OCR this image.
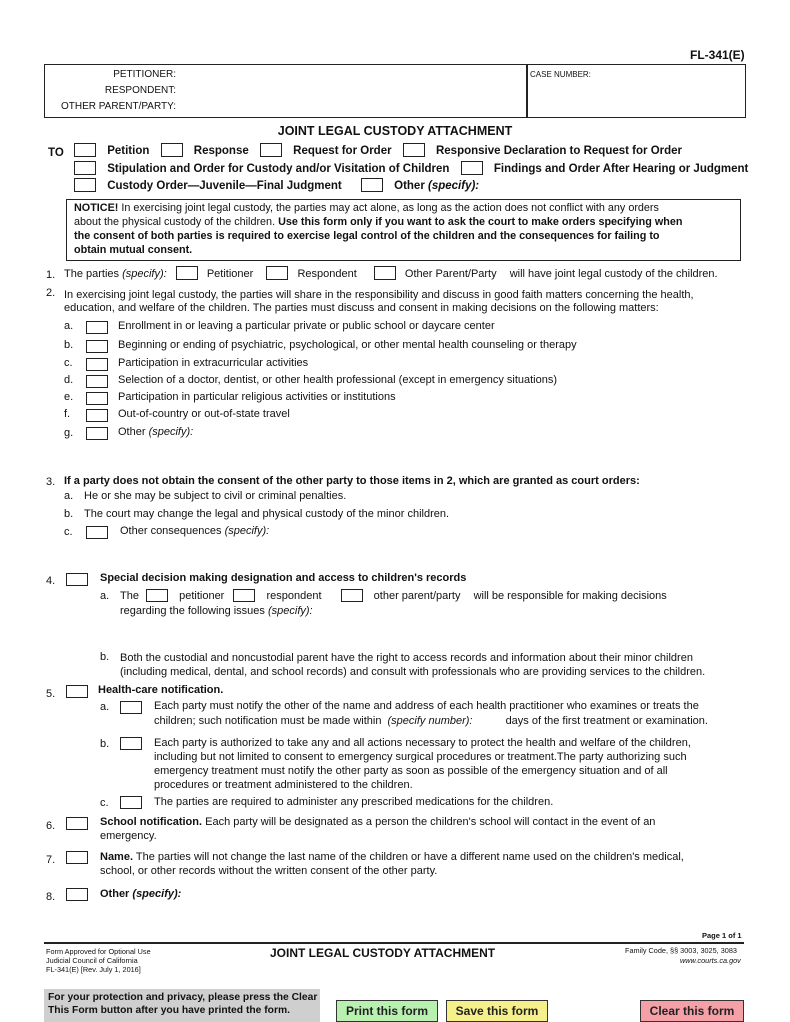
FL-341(E)
PETITIONER:
RESPONDENT:
OTHER PARENT/PARTY:
CASE NUMBER:
JOINT LEGAL CUSTODY ATTACHMENT
TO	Petition	Response	Request for Order	Responsive Declaration to Request for Order
Stipulation and Order for Custody and/or Visitation of Children	Findings and Order After Hearing or Judgment
Custody Order—Juvenile—Final Judgment	Other (specify):
NOTICE! In exercising joint legal custody, the parties may act alone, as long as the action does not conflict with any orders
about the physical custody of the children. Use this form only if you want to ask the court to make orders specifying when
the consent of both parties is required to exercise legal control of the children and the consequences for failing to
obtain mutual consent.
1. The parties (specify):	Petitioner	Respondent	Other Parent/Party will have joint legal custody of the children.
2. In exercising joint legal custody, the parties will share in the responsibility and discuss in good faith matters concerning the health,
education, and welfare of the children. The parties must discuss and consent in making decisions on the following matters:
a.	Enrollment in or leaving a particular private or public school or daycare center
b.	Beginning or ending of psychiatric, psychological, or other mental health counseling or therapy
c.	Participation in extracurricular activities
d.	Selection of a doctor, dentist, or other health professional (except in emergency situations)
e.	Participation in particular religious activities or institutions
f.	Out-of-country or out-of-state travel
g.	Other (specify):
3. If a party does not obtain the consent of the other party to those items in 2, which are granted as court orders:
a. He or she may be subject to civil or criminal penalties.
b. The court may change the legal and physical custody of the minor children.
c.	Other consequences (specify):
4.	Special decision making designation and access to children's records
a. The	petitioner	respondent	other parent/party will be responsible for making decisions
regarding the following issues (specify):
b. Both the custodial and noncustodial parent have the right to access records and information about their minor children
(including medical, dental, and school records) and consult with professionals who are providing services to the children.
5.	Health-care notification.
a.	Each party must notify the other of the name and address of each health practitioner who examines or treats the
children; such notification must be made within (specify number):	days of the first treatment or examination.
b.	Each party is authorized to take any and all actions necessary to protect the health and welfare of the children,
including but not limited to consent to emergency surgical procedures or treatment.The party authorizing such
emergency treatment must notify the other party as soon as possible of the emergency situation and of all
procedures or treatment administered to the children.
c.	The parties are required to administer any prescribed medications for the children.
6.	School notification. Each party will be designated as a person the children's school will contact in the event of an
emergency.
7.	Name. The parties will not change the last name of the children or have a different name used on the children's medical,
school, or other records without the written consent of the other party.
8.	Other (specify):
Page 1 of 1
Form Approved for Optional Use
Judicial Council of California
FL-341(E) [Rev. July 1, 2016]
JOINT LEGAL CUSTODY ATTACHMENT	Family Code, §§ 3003, 3025, 3083
www.courts.ca.gov
For your protection and privacy, please press the Clear
This Form button after you have printed the form.	Print this form	Save this form	Clear this form
